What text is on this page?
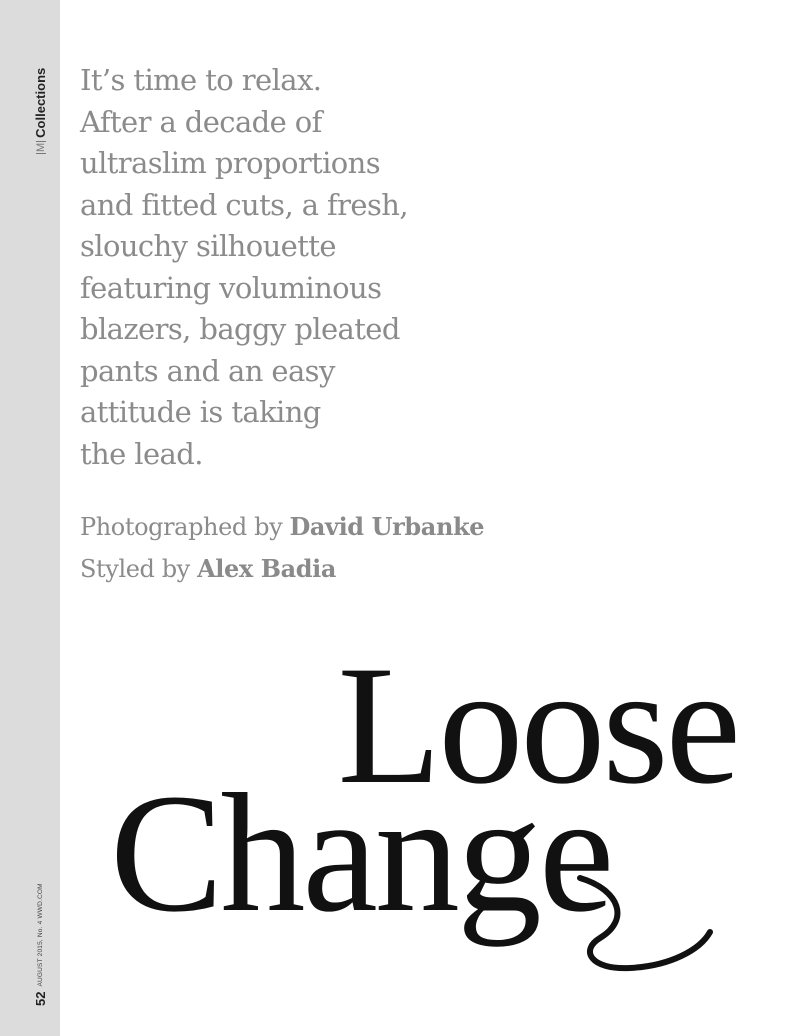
M
Collections
52
AUGUST 2015, No. 4 WWD.COM

It’s time to relax.
After a decade of
ultraslim proportions
and fitted cuts, a fresh,
slouchy silhouette
featuring voluminous
blazers, baggy pleated
pants and an easy
attitude is taking
the lead.

Photographed by David Urbanke
Styled by Alex Badia
Loose
Change
